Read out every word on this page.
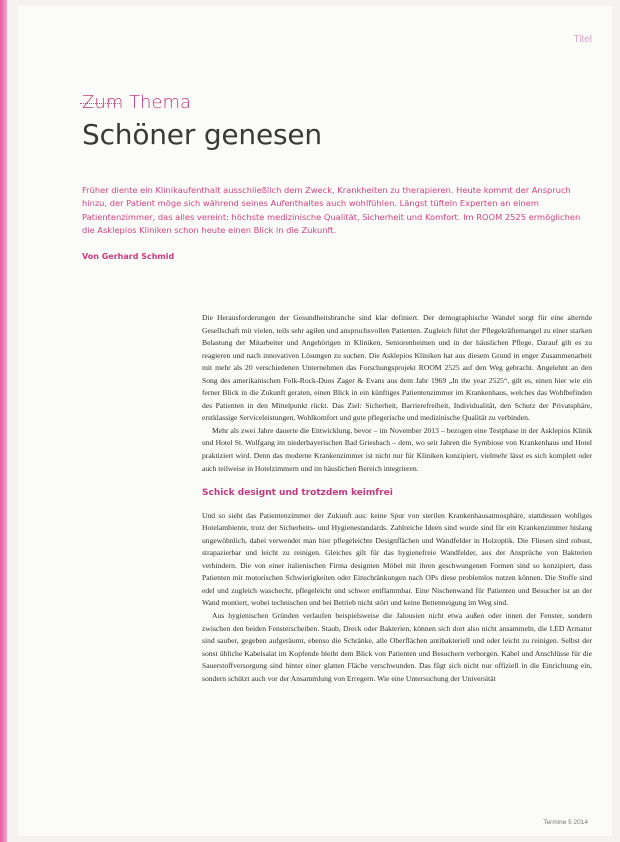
Titel
Zum Thema
Schöner genesen
Früher diente ein Klinikaufenthalt ausschließlich dem Zweck, Krankheiten zu therapieren. Heute kommt der Anspruch hinzu, der Patient möge sich während seines Aufenthaltes auch wohlfühlen. Längst tüfteln Experten an einem Patientenzimmer, das alles vereint: höchste medizinische Qualität, Sicherheit und Komfort. Im ROOM 2525 ermöglichen die Asklepios Kliniken schon heute einen Blick in die Zukunft.
Von Gerhard Schmid

Die Herausforderungen der Gesundheitsbranche sind klar definiert. Der demographische Wandel sorgt für eine alternde Gesellschaft mit vielen, teils sehr agilen und anspruchsvollen Patienten. Zugleich führt der Pflegekräftemangel zu einer starken Belastung der Mitarbeiter und Angehörigen in Kliniken, Seniorenheimen und in der häuslichen Pflege. Darauf gilt es zu reagieren und nach innovativen Lösungen zu suchen. Die Asklepios Kliniken hat aus diesem Grund in enger Zusammenarbeit mit mehr als 20 verschiedenen Unternehmen das Forschungsprojekt ROOM 2525 auf den Weg gebracht. Angelehnt an den Song des amerikanischen Folk-Rock-Duos Zager & Evans aus dem Jahr 1969 „In the year 2525“, gilt es, einen hier wie ein ferner Blick in die Zukunft geraten, einen Blick in ein künftiges Patientenzimmer im Krankenhaus, welches das Wohlbefinden des Patienten in den Mittelpunkt rückt. Das Ziel: Sicherheit, Barrierefreiheit, Individualität, den Schutz der Privatsphäre, erstklassige Serviceleistungen, Wohlkomfort und gute pflegerische und medizinische Qualität zu verbinden.

Mehr als zwei Jahre dauerte die Entwicklung, bevor – im November 2013 – bezogen eine Testphase in der Asklepios Klinik und Hotel St. Wolfgang im niederbayerischen Bad Griesbach – dem, wo seit Jahren die Symbiose von Krankenhaus und Hotel praktiziert wird. Denn das moderne Krankenzimmer ist nicht nur für Kliniken konzipiert, vielmehr lässt es sich komplett oder auch teilweise in Hotelzimmern und im häuslichen Bereich integrieren.

Schick designt und trotzdem keimfrei

Und so sieht das Patientenzimmer der Zukunft aus: keine Spur von sterilen Krankenhausatmosphäre, stattdessen wohliges Hotelambiente, trotz der Sicherheits- und Hygienestandards. Zahlreiche Ideen sind wurde sind für ein Krankenzimmer bislang ungewöhnlich, dabei verwendet man hier pflegeleichte Designflächen und Wandfelder in Holzoptik. Die Fliesen sind robust, strapazierbar und leicht zu reinigen. Gleiches gilt für das hygienefreie Wandfelder, aus der Ansprüche von Bakterien verhindern. Die von einer italienischen Firma designten Möbel mit ihren geschwungenen Formen sind so konzipiert, dass Patienten mit motorischen Schwierigkeiten oder Einschränkungen nach OPs diese problemlos nutzen können. Die Stoffe sind edel und zugleich waschecht, pflegeleicht und schwer entflammbar. Eine Nischenwand für Patienten und Besucher ist an der Wand montiert, wobei technischen und bei Betrieb nicht stört und keine Bettenneigung im Weg sind.

Aus hygienischen Gründen verlaufen beispielsweise die Jalousien nicht etwa außen oder innen der Fenster, sondern zwischen den beiden Fensterscheiben. Staub, Dreck oder Bakterien, können sich dort also nicht ansammeln, die LED Armatur sind sauber, gegeben aufgeräumt, ebenso die Schränke, alle Oberflächen antibakteriell und oder leicht zu reinigen. Selbst der sonst übliche Kabelsalat im Kopfende bleibt dem Blick von Patienten und Besuchern verborgen. Kabel und Anschlüsse für die Sauerstoffversorgung sind hinter einer glatten Fläche verschwunden. Das fügt sich nicht nur offiziell in die Einrichtung ein, sondern schützt auch vor der Ansammlung von Erregern. Wie eine Untersuchung der Universität

Termine 5 2014
